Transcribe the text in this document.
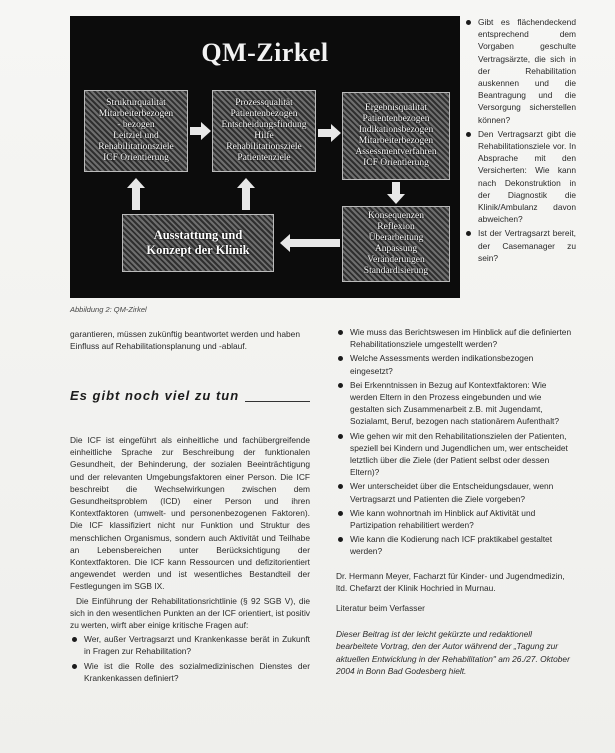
QM-Zirkel
Strukturqualität
Mitarbeiterbezogen
- bezogen
Leitziel und
Rehabilitationsziele
ICF Orientierung
Prozessqualität
Patientenbezogen
Entscheidungsfindung
Hilfe
Rehabilitationsziele
Patientenziele
Ergebnisqualität
Patientenbezogen
Indikationsbezogen
Mitarbeiterbezogen
Assessmentverfahren
ICF Orientierung
Konsequenzen
Reflexion
Überarbeitung
Anpassung
Veränderungen
Standardisierung
Ausstattung und
Konzept der Klinik
Abbildung 2: QM-Zirkel
Gibt es flächendeckend entsprechend dem Vorgaben geschulte Vertragsärzte, die sich in der Rehabilitation auskennen und die Beantragung und die Versorgung sicherstellen können?
Den Vertragsarzt gibt die Rehabilitationsziele vor. In Absprache mit den Versicherten: Wie kann nach Dekonstruktion in der Diagnostik die Klinik/Ambulanz davon abweichen?
Ist der Vertragsarzt bereit, der Casemanager zu sein?

garantieren, müssen zukünftig beantwortet werden und haben Einfluss auf Rehabilitationsplanung und -ablauf.

Es gibt noch viel zu tun

Die ICF ist eingeführt als einheitliche und fachübergreifende einheitliche Sprache zur Beschreibung der funktionalen Gesundheit, der Behinderung, der sozialen Beeinträchtigung und der relevanten Umgebungsfaktoren einer Person. Die ICF beschreibt die Wechselwirkungen zwischen dem Gesundheitsproblem (ICD) einer Person und ihren Kontextfaktoren (umwelt- und personenbezogenen Faktoren). Die ICF klassifiziert nicht nur Funktion und Struktur des menschlichen Organismus, sondern auch Aktivität und Teilhabe an Lebensbereichen unter Berücksichtigung der Kontextfaktoren. Die ICF kann Ressourcen und defizitorientiert angewendet werden und ist wesentliches Bestandteil der Festlegungen im SGB IX.

Die Einführung der Rehabilitationsrichtlinie (§ 92 SGB V), die sich in den wesentlichen Punkten an der ICF orientiert, ist positiv zu werten, wirft aber einige kritische Fragen auf:

Wer, außer Vertragsarzt und Krankenkasse berät in Zukunft in Fragen zur Rehabilitation?
Wie ist die Rolle des sozialmedizinischen Dienstes der Krankenkassen definiert?
Wie muss das Berichtswesen im Hinblick auf die definierten Rehabilitationsziele umgestellt werden?
Welche Assessments werden indikationsbezogen eingesetzt?
Bei Erkenntnissen in Bezug auf Kontextfaktoren: Wie werden Eltern in den Prozess eingebunden und wie gestalten sich Zusammenarbeit z.B. mit Jugendamt, Sozialamt, Beruf, bezogen nach stationärem Aufenthalt?
Wie gehen wir mit den Rehabilitationszielen der Patienten, speziell bei Kindern und Jugendlichen um, wer entscheidet letztlich über die Ziele (der Patient selbst oder dessen Eltern)?
Wer unterscheidet über die Entscheidungsdauer, wenn Vertragsarzt und Patienten die Ziele vorgeben?
Wie kann wohnortnah im Hinblick auf Aktivität und Partizipation rehabilitiert werden?
Wie kann die Kodierung nach ICF praktikabel gestaltet werden?

Dr. Hermann Meyer, Facharzt für Kinder- und Jugendmedizin, ltd. Chefarzt der Klinik Hochried in Murnau.

Literatur beim Verfasser

Dieser Beitrag ist der leicht gekürzte und redaktionell bearbeitete Vortrag, den der Autor während der „Tagung zur aktuellen Entwicklung in der Rehabilitation" am 26./27. Oktober 2004 in Bonn Bad Godesberg hielt.
